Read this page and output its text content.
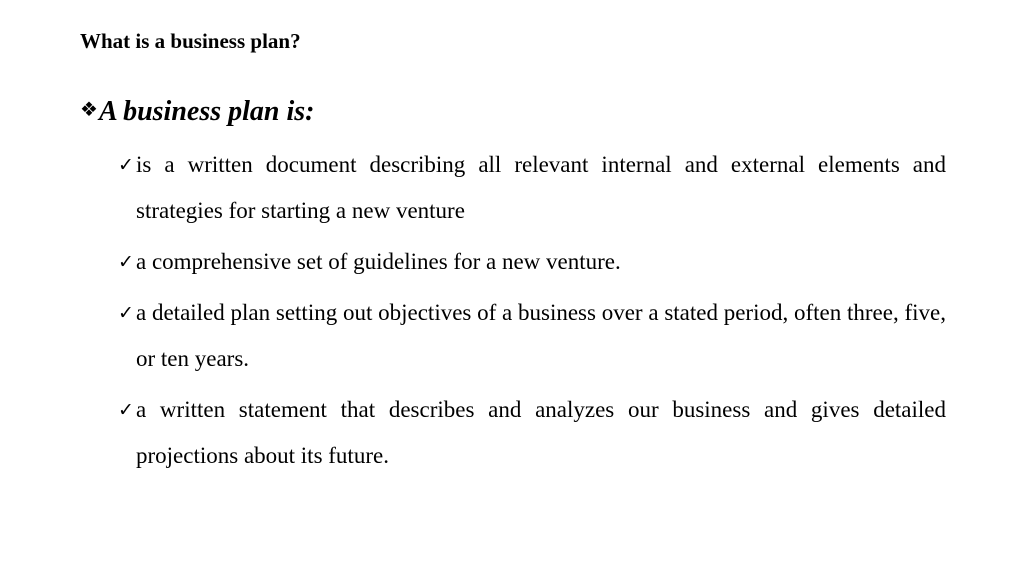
What is a business plan?
❖A business plan is:
✓ is a written document describing all relevant internal and external elements and strategies for starting a new venture
✓ a comprehensive set of guidelines for a new venture.
✓ a detailed plan setting out objectives of a business over a stated period, often three, five, or ten years.
✓ a written statement that describes and analyzes our business and gives detailed projections about its future.
